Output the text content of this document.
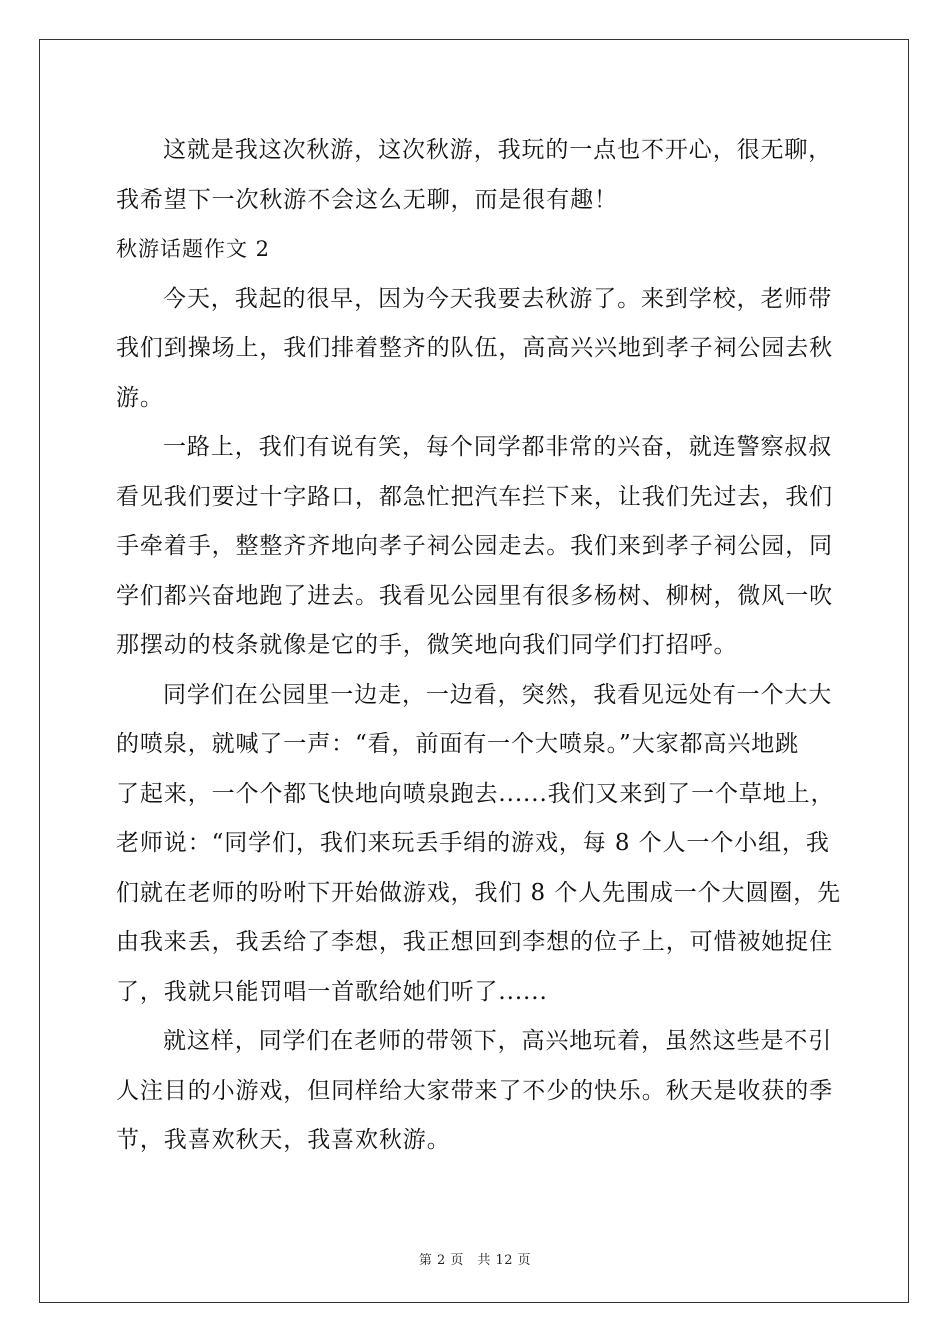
这就是我这次秋游，这次秋游，我玩的一点也不开心，很无聊，
我希望下一次秋游不会这么无聊，而是很有趣！
秋游话题作文 2
今天，我起的很早，因为今天我要去秋游了。来到学校，老师带
我们到操场上，我们排着整齐的队伍，高高兴兴地到孝子祠公园去秋
游。
一路上，我们有说有笑，每个同学都非常的兴奋，就连警察叔叔
看见我们要过十字路口，都急忙把汽车拦下来，让我们先过去，我们
手牵着手，整整齐齐地向孝子祠公园走去。我们来到孝子祠公园，同
学们都兴奋地跑了进去。我看见公园里有很多杨树、柳树，微风一吹
那摆动的枝条就像是它的手，微笑地向我们同学们打招呼。
同学们在公园里一边走，一边看，突然，我看见远处有一个大大
的喷泉，就喊了一声：“看，前面有一个大喷泉。”大家都高兴地跳
了起来，一个个都飞快地向喷泉跑去......我们又来到了一个草地上，
老师说：“同学们，我们来玩丢手绢的游戏，每 8 个人一个小组，我
们就在老师的吩咐下开始做游戏，我们 8 个人先围成一个大圆圈，先
由我来丢，我丢给了李想，我正想回到李想的位子上，可惜被她捉住
了，我就只能罚唱一首歌给她们听了......
就这样，同学们在老师的带领下，高兴地玩着，虽然这些是不引
人注目的小游戏，但同样给大家带来了不少的快乐。秋天是收获的季
节，我喜欢秋天，我喜欢秋游。
第 2 页　共 12 页
